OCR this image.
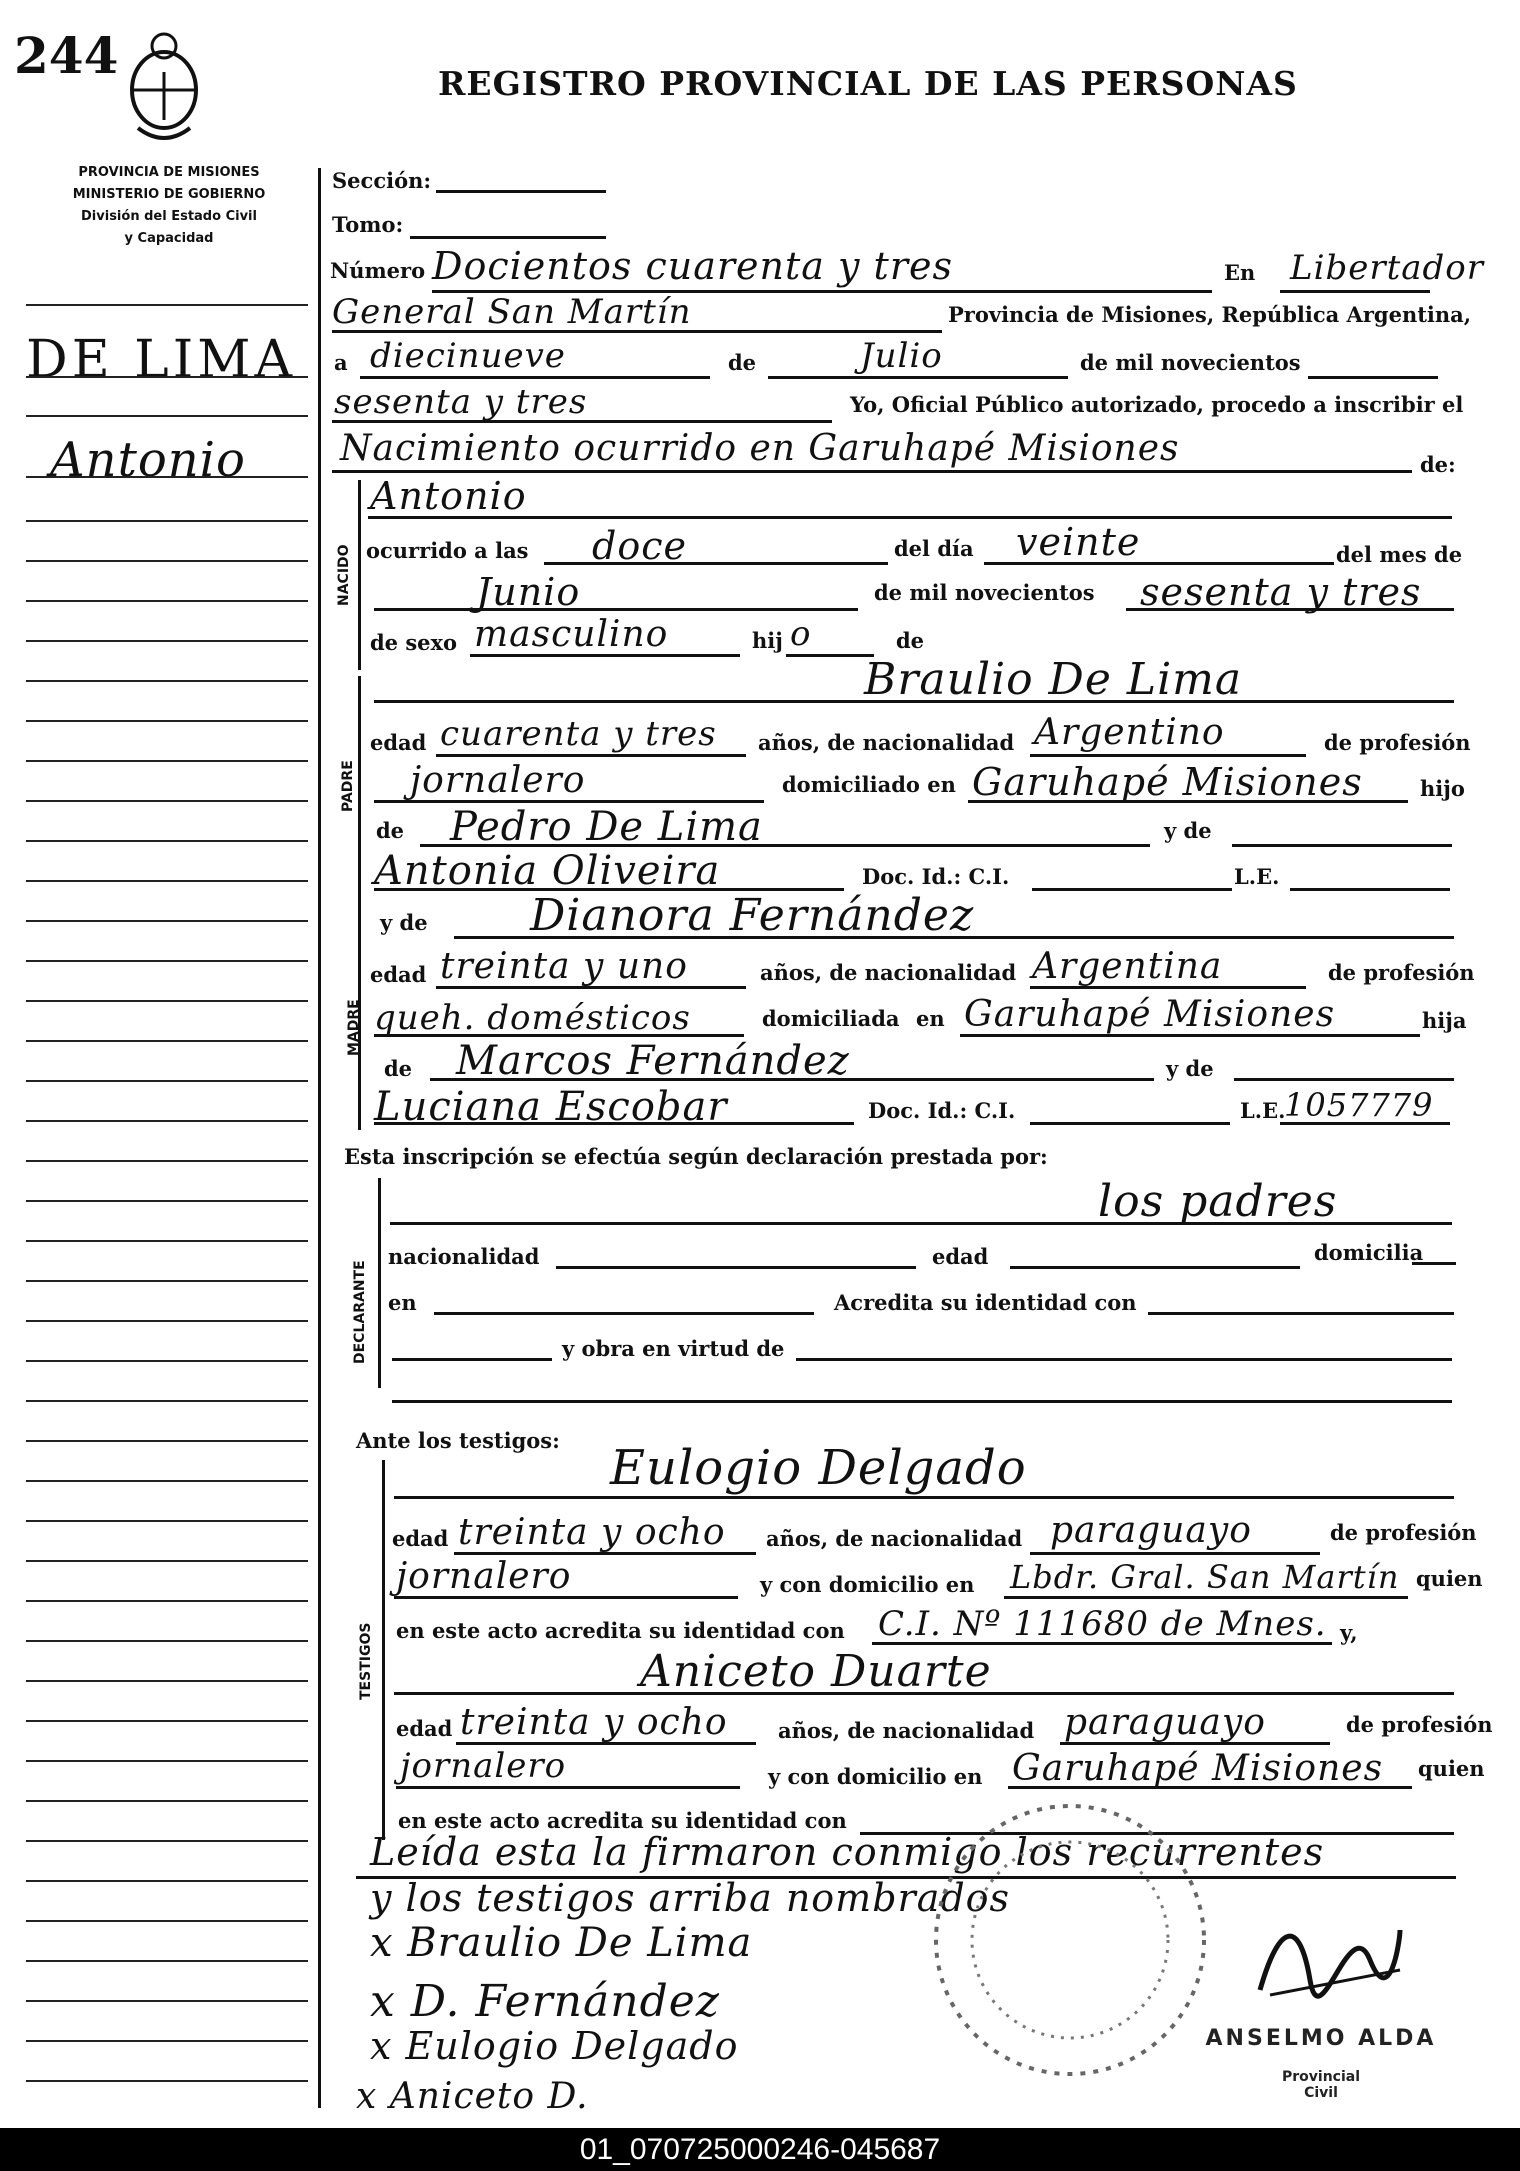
244	REGISTRO PROVINCIAL DE LAS PERSONAS
PROVINCIA DE MISIONES
MINISTERIO DE GOBIERNO
División del Estado Civil
y Capacidad
DE LIMA
Antonio
Sección:
Tomo:
Número Docientos cuarenta y tres	En Libertador
General San Martín	Provincia de Misiones, República Argentina,
a diecinueve	de	Julio	de mil novecientos
sesenta y tres	Yo, Oficial Público autorizado, procedo a inscribir el
Nacimiento ocurrido en Garuhapé Misiones	de:
NACIDO
Antonio
ocurrido a las doce	del día veinte	del mes de
Junio	de mil novecientos sesenta y tres
de sexo masculino	hij o	de
PADRE
Braulio De Lima
edad cuarenta y tres años, de nacionalidad Argentino	de profesión
jornalero	domiciliado en Garuhapé Misiones	hijo
de Pedro De Lima	y de
Antonia Oliveira	Doc. Id.: C.I.	L.E.
MADRE
y de Dianora Fernández
edad treinta y uno	años, de nacionalidad Argentina	de profesión
queh. domésticos	domiciliada en Garuhapé Misiones	hija
de Marcos Fernández	y de
Luciana Escobar	Doc. Id.: C.I.	L.E.
1057779
Esta inscripción se efectúa según declaración prestada por:
DECLARANTE
los padres
nacionalidad	edad	domicilia
en	Acredita su identidad con
y obra en virtud de
Ante los testigos:
TESTIGOS
Eulogio Delgado
edad treinta y ocho años, de nacionalidad paraguayo	de profesión
jornalero	y con domicilio en Lbdr. Gral. San Martín quien
en este acto acredita su identidad con C.I. Nº 111680 de Mnes. y,
Aniceto Duarte
edad treinta y ocho años, de nacionalidad paraguayo	de profesión
jornalero	y con domicilio en Garuhapé Misiones quien
en este acto acredita su identidad con
Leída esta la firmaron conmigo los recurrentes
y los testigos arriba nombrados
x Braulio De Lima
x D. Fernández
x Eulogio Delgado
x Aniceto D.
ANSELMO ALDA
Provincial
Civil
01_070725000246-045687
